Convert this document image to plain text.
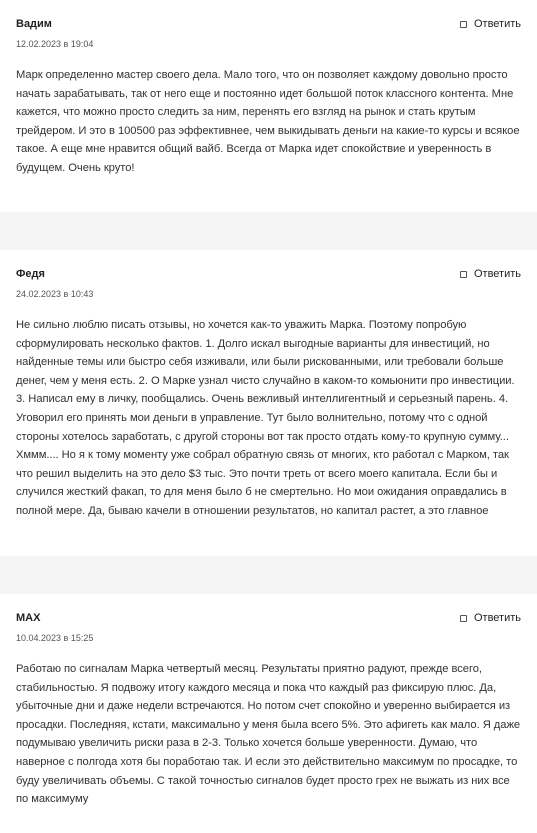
Вадим
12.02.2023 в 19:04
Ответить
Марк определенно мастер своего дела. Мало того, что он позволяет каждому довольно просто начать зарабатывать, так от него еще и постоянно идет большой поток классного контента. Мне кажется, что можно просто следить за ним, перенять его взгляд на рынок и стать крутым трейдером. И это в 100500 раз эффективнее, чем выкидывать деньги на какие-то курсы и всякое такое. А еще мне нравится общий вайб. Всегда от Марка идет спокойствие и уверенность в будущем. Очень круто!
Федя
24.02.2023 в 10:43
Ответить
Не сильно люблю писать отзывы, но хочется как-то уважить Марка. Поэтому попробую сформулировать несколько фактов. 1. Долго искал выгодные варианты для инвестиций, но найденные темы или быстро себя изживали, или были рискованными, или требовали больше денег, чем у меня есть. 2. О Марке узнал чисто случайно в каком-то комьюнити про инвестиции. 3. Написал ему в личку, пообщались. Очень вежливый интеллигентный и серьезный парень. 4. Уговорил его принять мои деньги в управление. Тут было волнительно, потому что с одной стороны хотелось заработать, с другой стороны вот так просто отдать кому-то крупную сумму... Хммм.... Но я к тому моменту уже собрал обратную связь от многих, кто работал с Марком, так что решил выделить на это дело $3 тыс. Это почти треть от всего моего капитала. Если бы и случился жесткий факап, то для меня было б не смертельно. Но мои ожидания оправдались в полной мере. Да, бываю качели в отношении результатов, но капитал растет, а это главное
MAX
10.04.2023 в 15:25
Ответить
Работаю по сигналам Марка четвертый месяц. Результаты приятно радуют, прежде всего, стабильностью. Я подвожу итогу каждого месяца и пока что каждый раз фиксирую плюс. Да, убыточные дни и даже недели встречаются. Но потом счет спокойно и уверенно выбирается из просадки. Последняя, кстати, максимально у меня была всего 5%. Это афигеть как мало. Я даже подумываю увеличить риски раза в 2-3. Только хочется больше уверенности. Думаю, что наверное с полгода хотя бы поработаю так. И если это действительно максимум по просадке, то буду увеличивать объемы. С такой точностью сигналов будет просто грех не выжать из них все по максимуму
